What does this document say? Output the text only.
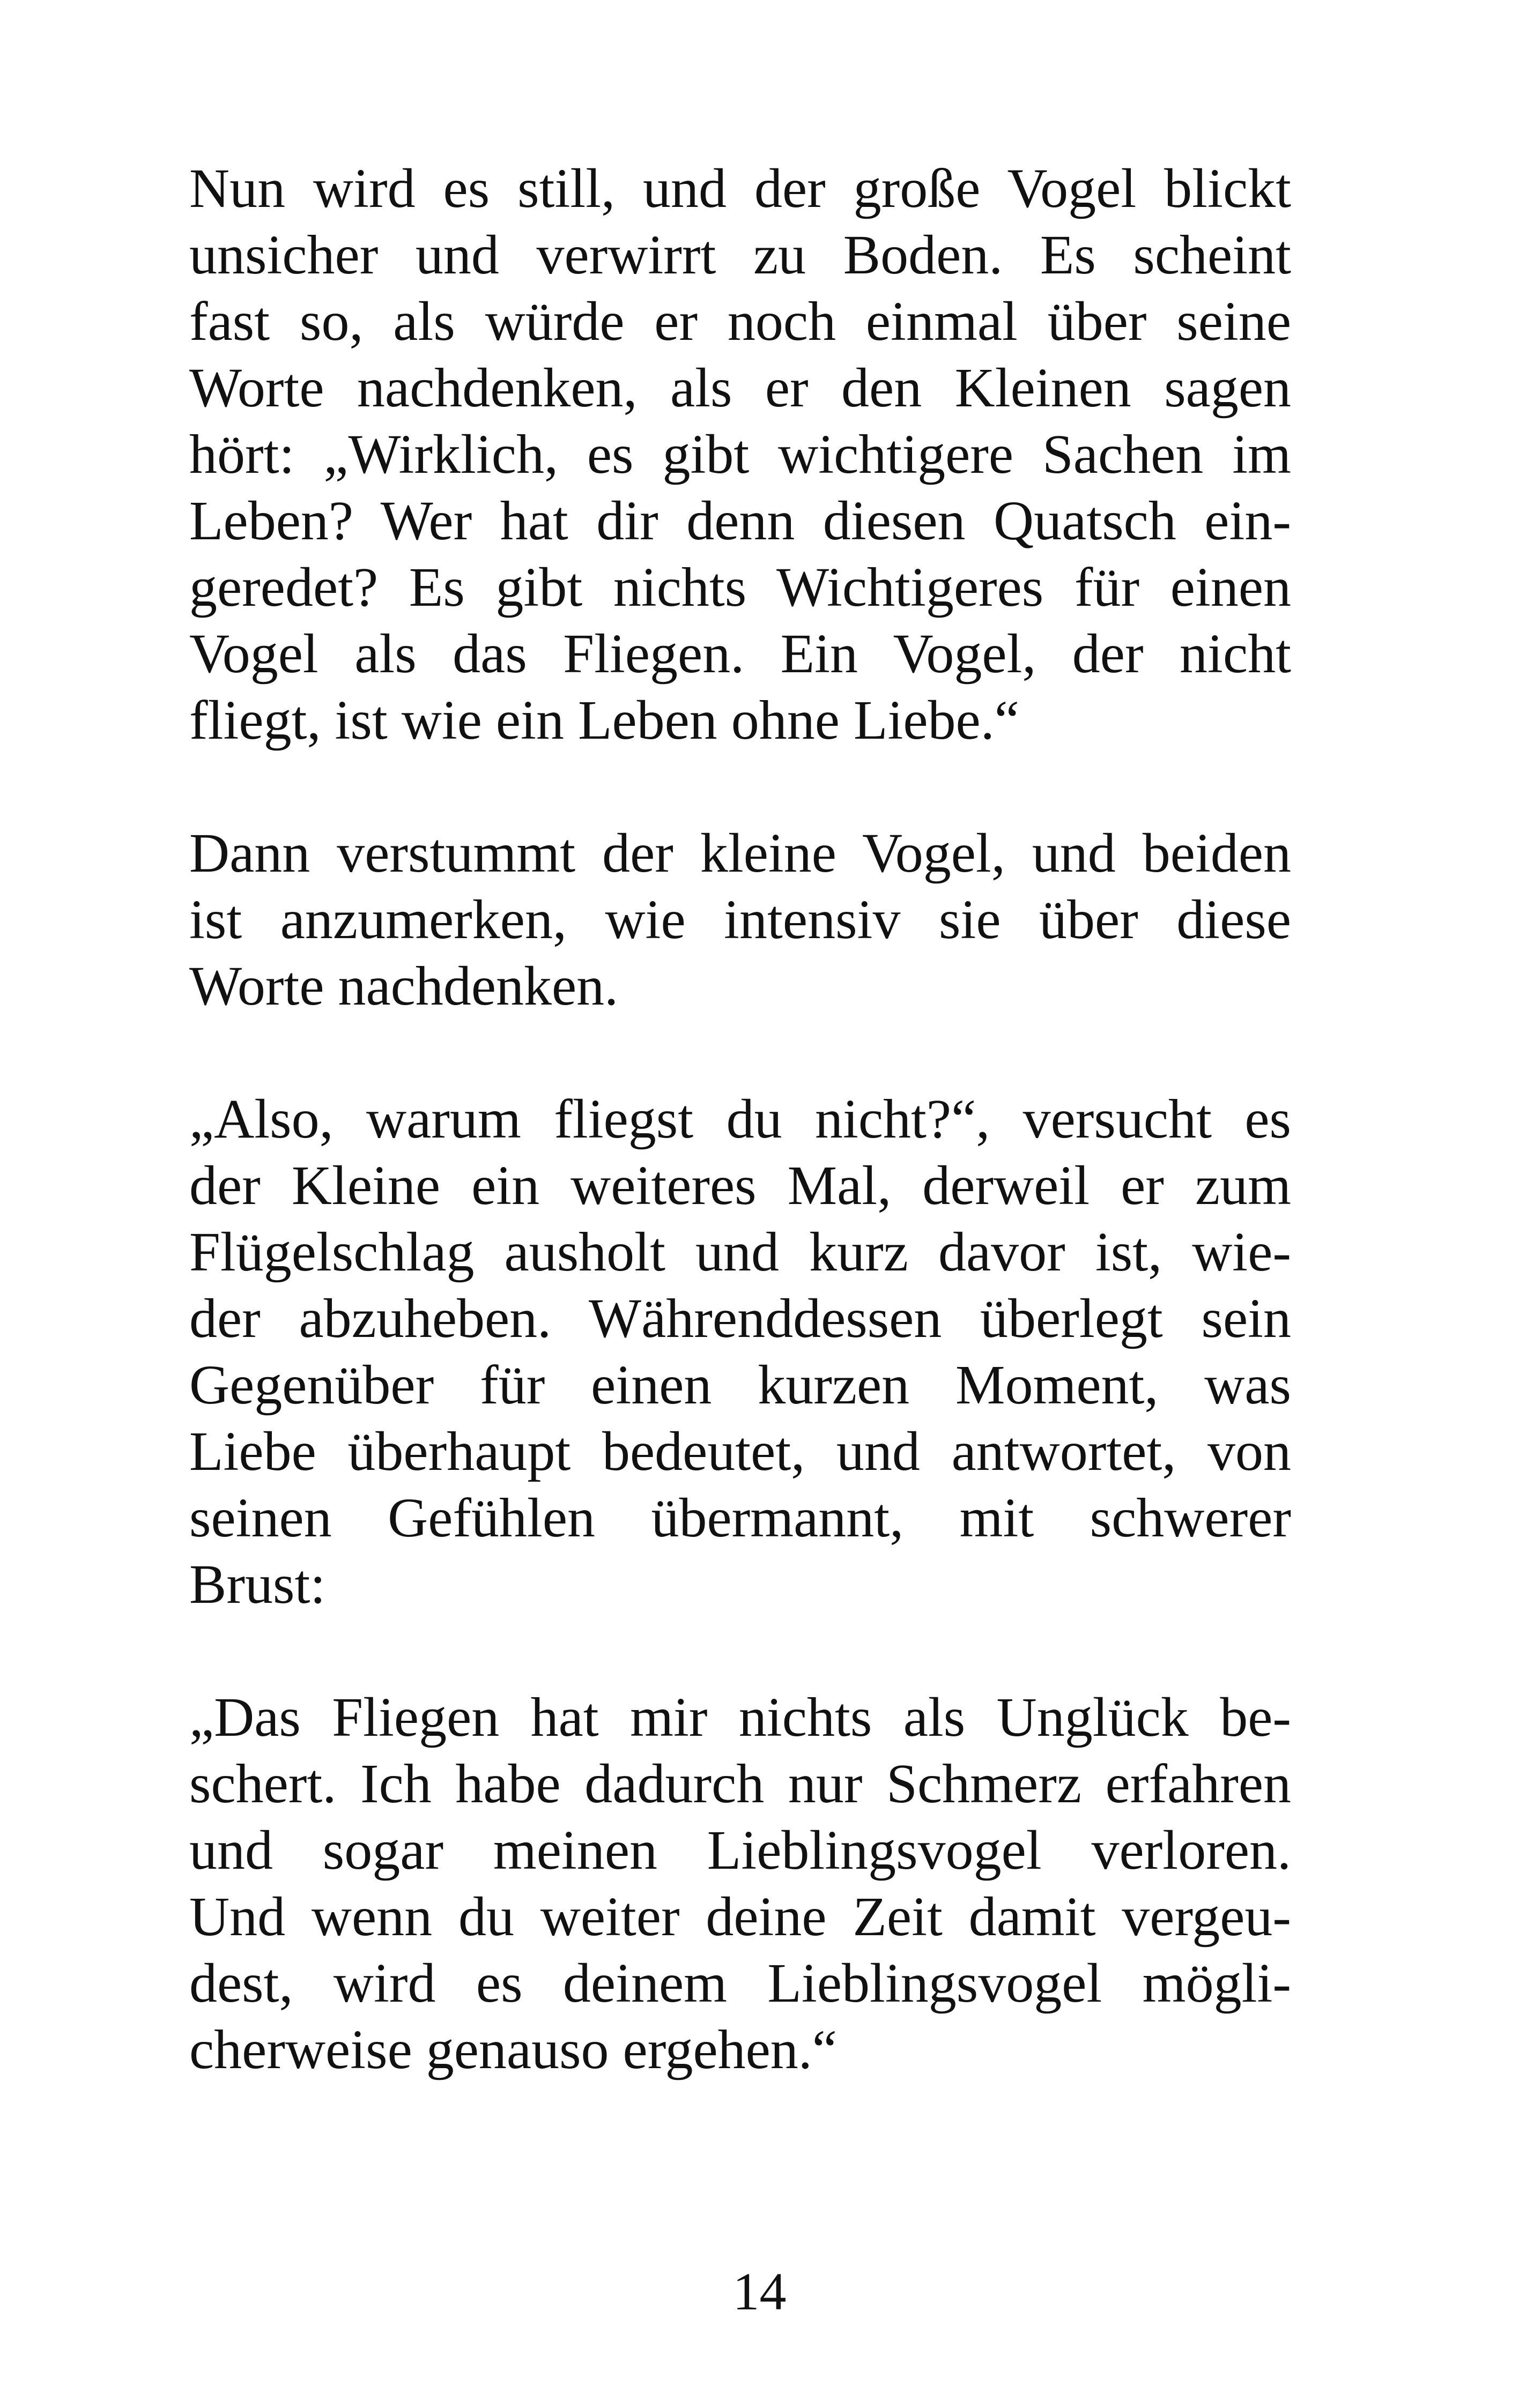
Nun wird es still, und der große Vogel blickt
unsicher und verwirrt zu Boden. Es scheint
fast so, als würde er noch einmal über seine
Worte nachdenken, als er den Kleinen sagen
hört: „Wirklich, es gibt wichtigere Sachen im
Leben? Wer hat dir denn diesen Quatsch ein-
geredet? Es gibt nichts Wichtigeres für einen
Vogel als das Fliegen. Ein Vogel, der nicht
fliegt, ist wie ein Leben ohne Liebe.“

Dann verstummt der kleine Vogel, und beiden
ist anzumerken, wie intensiv sie über diese
Worte nachdenken.

„Also, warum fliegst du nicht?“, versucht es
der Kleine ein weiteres Mal, derweil er zum
Flügelschlag ausholt und kurz davor ist, wie-
der abzuheben. Währenddessen überlegt sein
Gegenüber für einen kurzen Moment, was
Liebe überhaupt bedeutet, und antwortet, von
seinen Gefühlen übermannt, mit schwerer
Brust:

„Das Fliegen hat mir nichts als Unglück be-
schert. Ich habe dadurch nur Schmerz erfahren
und sogar meinen Lieblingsvogel verloren.
Und wenn du weiter deine Zeit damit vergeu-
dest, wird es deinem Lieblingsvogel mögli-
cherweise genauso ergehen.“

14
